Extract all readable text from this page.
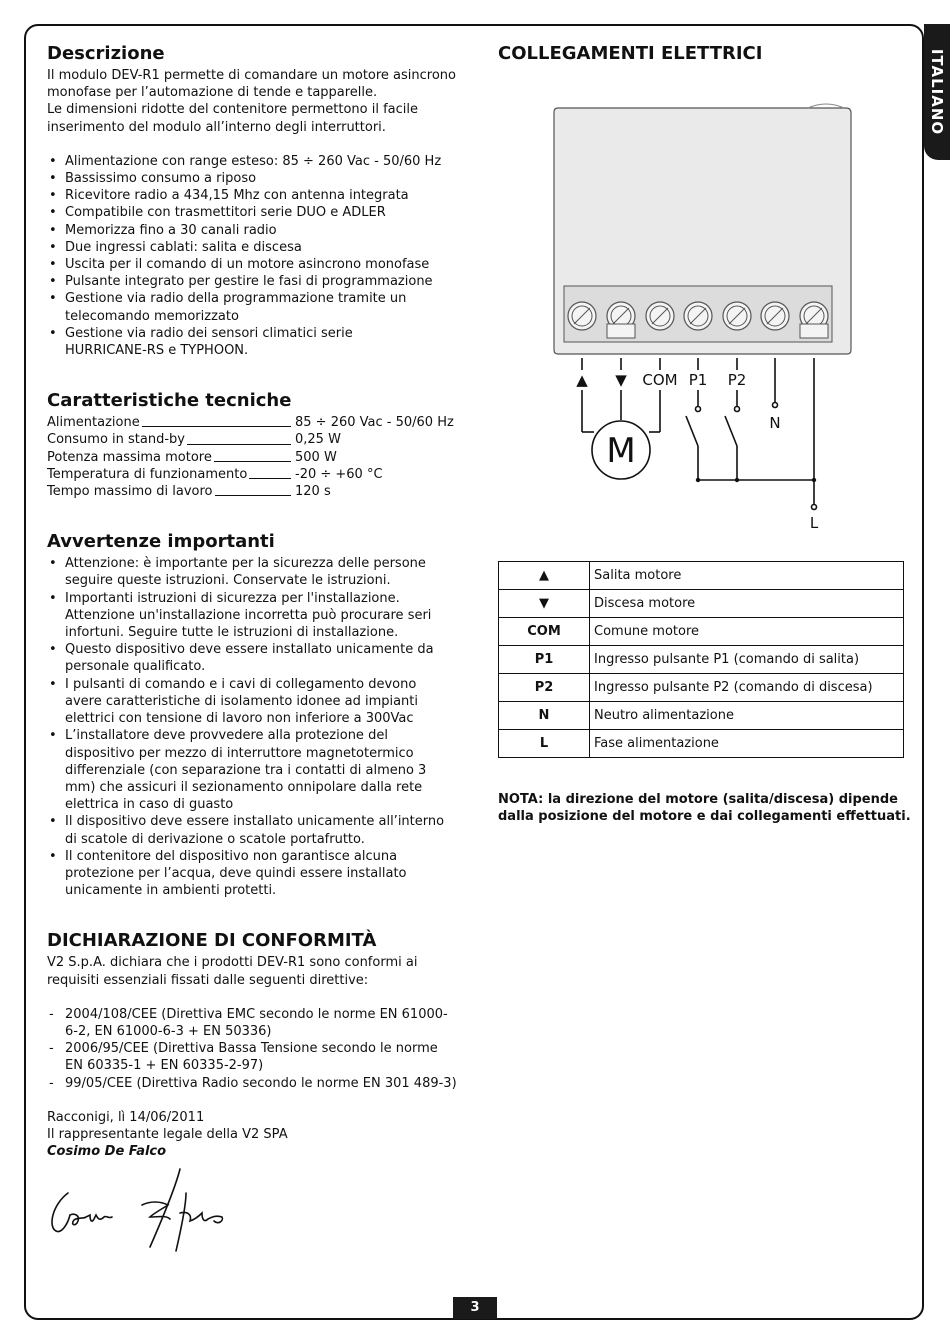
ITALIANO
Descrizione

Il modulo DEV-R1 permette di comandare un motore asincrono

monofase per l’automazione di tende e tapparelle.

Le dimensioni ridotte del contenitore permettono il facile

inserimento del modulo all’interno degli interruttori.

• Alimentazione con range esteso: 85 ÷ 260 Vac - 50/60 Hz
• Bassissimo consumo a riposo
• Ricevitore radio a 434,15 Mhz con antenna integrata
• Compatibile con trasmettitori serie DUO e ADLER
• Memorizza fino a 30 canali radio
• Due ingressi cablati: salita e discesa
• Uscita per il comando di un motore asincrono monofase
• Pulsante integrato per gestire le fasi di programmazione
• Gestione via radio della programmazione tramite un telecomando memorizzato
• Gestione via radio dei sensori climatici serie HURRICANE-RS e TYPHOON.
Caratteristiche tecniche
Alimentazione	85 ÷ 260 Vac - 50/60 Hz
Consumo in stand-by	0,25 W
Potenza massima motore	500 W
Temperatura di funzionamento	-20 ÷ +60 °C
Tempo massimo di lavoro	120 s
Avvertenze importanti
• Attenzione: è importante per la sicurezza delle persone seguire queste istruzioni. Conservate le istruzioni.
• Importanti istruzioni di sicurezza per l'installazione. Attenzione un'installazione incorretta può procurare seri infortuni. Seguire tutte le istruzioni di installazione.
• Questo dispositivo deve essere installato unicamente da personale qualificato.
• I pulsanti di comando e i cavi di collegamento devono avere caratteristiche di isolamento idonee ad impianti elettrici con tensione di lavoro non inferiore a 300Vac
• L’installatore deve provvedere alla protezione del dispositivo per mezzo di interruttore magnetotermico differenziale (con separazione tra i contatti di almeno 3 mm) che assicuri il sezionamento onnipolare dalla rete elettrica in caso di guasto
• Il dispositivo deve essere installato unicamente all’interno di scatole di derivazione o scatole portafrutto.
• Il contenitore del dispositivo non garantisce alcuna protezione per l’acqua, deve quindi essere installato unicamente in ambienti protetti.
DICHIARAZIONE DI CONFORMITÀ

V2 S.p.A. dichiara che i prodotti DEV-R1 sono conformi ai requisiti essenziali fissati dalle seguenti direttive:

- 2004/108/CEE (Direttiva EMC secondo le norme EN 61000-6-2, EN 61000-6-3 + EN 50336)
- 2006/95/CEE (Direttiva Bassa Tensione secondo le norme EN 60335-1 + EN 60335-2-97)
- 99/05/CEE (Direttiva Radio secondo le norme EN 301 489-3)

Racconigi, lì 14/06/2011

Il rappresentante legale della V2 SPA

Cosimo De Falco

COLLEGAMENTI ELETTRICI
▲ ▼ COM P1 P2
N
L
M
▲	Salita motore
▼	Discesa motore
COM	Comune motore
P1	Ingresso pulsante P1 (comando di salita)
P2	Ingresso pulsante P2 (comando di discesa)
N	Neutro alimentazione
L	Fase alimentazione
NOTA: la direzione del motore (salita/discesa) dipende dalla posizione del motore e dai collegamenti effettuati.
3
